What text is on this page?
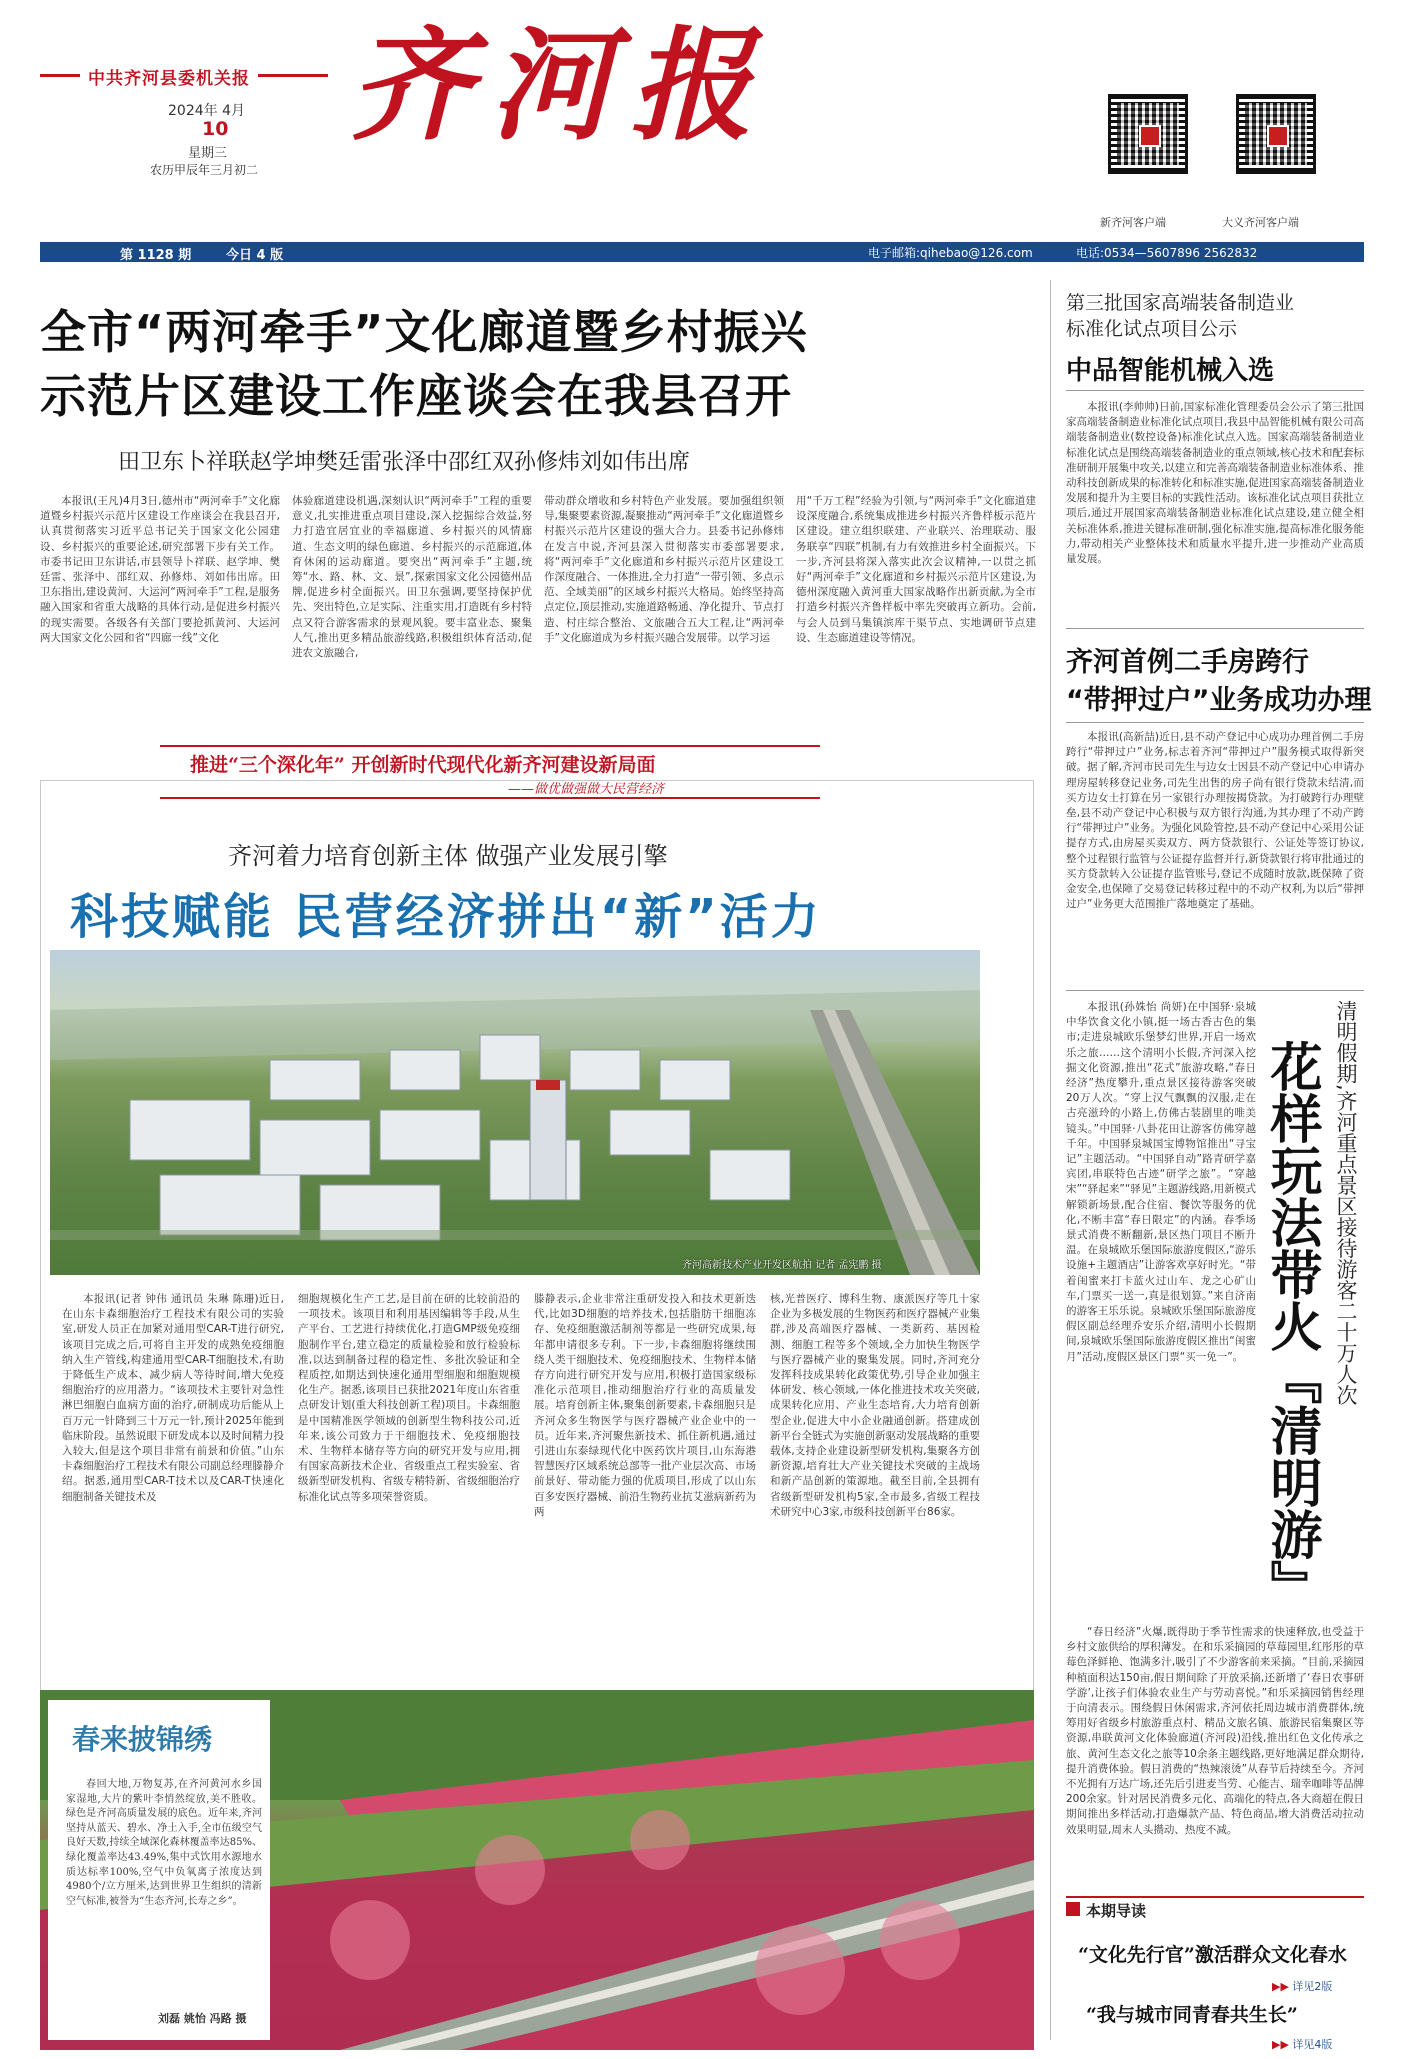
中共齐河县委机关报 齐河报
2024年 4月
10
星期三
农历甲辰年三月初二
新齐河客户端	大义齐河客户端
第 1128 期	今日 4 版	电子邮箱:qihebao@126.com	电话:0534—5607896 2562832
全市“两河牵手”文化廊道暨乡村振兴
示范片区建设工作座谈会在我县召开
田卫东卜祥联赵学坤樊廷雷张泽中邵红双孙修炜刘如伟出席
本报讯(王凡)4月3日,德州市“两河牵手”文化廊道暨乡村振兴示范片区建设工作座谈会在我县召开,认真贯彻落实习近平总书记关于国家文化公园建设、乡村振兴的重要论述,研究部署下步有关工作。市委书记田卫东讲话,市县领导卜祥联、赵学坤、樊廷雷、张泽中、邵红双、孙修炜、刘如伟出席。田卫东指出,建设黄河、大运河“两河牵手”工程,是服务融入国家和省重大战略的具体行动,是促进乡村振兴的现实需要。各级各有关部门要抢抓黄河、大运河两大国家文化公园和省“四廊一线”文化
体验廊道建设机遇,深刻认识“两河牵手”工程的重要意义,扎实推进重点项目建设,深入挖掘综合效益,努力打造宜居宜业的幸福廊道、乡村振兴的风情廊道、生态文明的绿色廊道、乡村振兴的示范廊道,体育休闲的运动廊道。要突出“两河牵手”主题,统筹“水、路、林、文、景”,探索国家文化公园德州品牌,促进乡村全面振兴。田卫东强调,要坚持保护优先、突出特色,立足实际、注重实用,打造既有乡村特点又符合游客需求的景观风貌。要丰富业态、聚集人气,推出更多精品旅游线路,积极组织体育活动,促进农文旅融合,
带动群众增收和乡村特色产业发展。要加强组织领导,集聚要素资源,凝聚推动“两河牵手”文化廊道暨乡村振兴示范片区建设的强大合力。县委书记孙修炜在发言中说,齐河县深入贯彻落实市委部署要求,将“两河牵手”文化廊道和乡村振兴示范片区建设工作深度融合、一体推进,全力打造“一带引领、多点示范、全域美丽”的区域乡村振兴大格局。始终坚持高点定位,顶层推动,实施道路畅通、净化提升、节点打造、村庄综合整治、文旅融合五大工程,让“两河牵手”文化廊道成为乡村振兴融合发展带。以学习运
用“千万工程”经验为引领,与“两河牵手”文化廊道建设深度融合,系统集成推进乡村振兴齐鲁样板示范片区建设。建立组织联建、产业联兴、治理联动、服务联享“四联”机制,有力有效推进乡村全面振兴。下一步,齐河县将深入落实此次会议精神,一以贯之抓好“两河牵手”文化廊道和乡村振兴示范片区建设,为德州深度融入黄河重大国家战略作出新贡献,为全市打造乡村振兴齐鲁样板中率先突破再立新功。会前,与会人员到马集镇滨库干渠节点、实地调研节点建设、生态廊道建设等情况。
第三批国家高端装备制造业
标准化试点项目公示
中品智能机械入选
本报讯(李帅帅)日前,国家标准化管理委员会公示了第三批国家高端装备制造业标准化试点项目,我县中品智能机械有限公司高端装备制造业(数控设备)标准化试点入选。国家高端装备制造业标准化试点是围绕高端装备制造业的重点领域,核心技术和配套标准研制开展集中攻关,以建立和完善高端装备制造业标准体系、推动科技创新成果的标准转化和标准实施,促进国家高端装备制造业发展和提升为主要目标的实践性活动。该标准化试点项目获批立项后,通过开展国家高端装备制造业标准化试点建设,建立健全相关标准体系,推进关键标准研制,强化标准实施,提高标准化服务能力,带动相关产业整体技术和质量水平提升,进一步推动产业高质量发展。
齐河首例二手房跨行
“带押过户”业务成功办理
本报讯(高新喆)近日,县不动产登记中心成功办理首例二手房跨行“带押过户”业务,标志着齐河“带押过户”服务模式取得新突破。据了解,齐河市民司先生与边女士因县不动产登记中心申请办理房屋转移登记业务,司先生出售的房子尚有银行贷款未结清,而买方边女士打算在另一家银行办理按揭贷款。为打破跨行办理壁垒,县不动产登记中心积极与双方银行沟通,为其办理了不动产跨行“带押过户”业务。为强化风险管控,县不动产登记中心采用公证提存方式,由房屋买卖双方、两方贷款银行、公证处等签订协议,整个过程银行监管与公证提存监督并行,新贷款银行将审批通过的买方贷款转入公证提存监管账号,登记不成随时放款,既保障了资金安全,也保障了交易登记转移过程中的不动产权利,为以后“带押过户”业务更大范围推广落地奠定了基础。
推进“三个深化年” 开创新时代现代化新齐河建设新局面
——做优做强做大民营经济
齐河着力培育创新主体 做强产业发展引擎
科技赋能 民营经济拼出“新”活力
齐河高新技术产业开发区航拍 记者 孟宪鹏 摄
本报讯(记者 钟伟 通讯员 朱琳 陈珊)近日,在山东卡森细胞治疗工程技术有限公司的实验室,研发人员正在加紧对通用型CAR-T进行研究,该项目完成之后,可将自主开发的成熟免疫细胞纳入生产管线,构建通用型CAR-T细胞技术,有助于降低生产成本、减少病人等待时间,增大免疫细胞治疗的应用潜力。“该项技术主要针对急性淋巴细胞白血病方面的治疗,研制成功后能从上百万元一针降到三十万元一针,预计2025年能到临床阶段。虽然说眼下研发成本以及时间精力投入较大,但是这个项目非常有前景和价值。”山东卡森细胞治疗工程技术有限公司副总经理滕静介绍。据悉,通用型CAR-T技术以及CAR-T快速化细胞制备关键技术及
细胞规模化生产工艺,是目前在研的比较前沿的一项技术。该项目和利用基因编辑等手段,从生产平台、工艺进行持续优化,打造GMP级免疫细胞制作平台,建立稳定的质量检验和放行检验标准,以达到制备过程的稳定性、多批次验证和全程质控,如期达到快速化通用型细胞和细胞规模化生产。据悉,该项目已获批2021年度山东省重点研发计划(重大科技创新工程)项目。卡森细胞是中国精准医学领域的创新型生物科技公司,近年来,该公司致力于干细胞技术、免疫细胞技术、生物样本储存等方向的研究开发与应用,拥有国家高新技术企业、省级重点工程实验室、省级新型研发机构、省级专精特新、省级细胞治疗标准化试点等多项荣誉资质。
滕静表示,企业非常注重研发投入和技术更新迭代,比如3D细胞的培养技术,包括脂肪干细胞冻存、免疫细胞激活制剂等都是一些研究成果,每年都申请很多专利。下一步,卡森细胞将继续围绕人类干细胞技术、免疫细胞技术、生物样本储存方向进行研究开发与应用,积极打造国家级标准化示范项目,推动细胞治疗行业的高质量发展。培育创新主体,聚集创新要素,卡森细胞只是齐河众多生物医学与医疗器械产业企业中的一员。近年来,齐河聚焦新技术、抓住新机遇,通过引进山东泰绿现代化中医药饮片项目,山东海港智慧医疗区域系统总部等一批产业层次高、市场前景好、带动能力强的优质项目,形成了以山东百多安医疗器械、前沿生物药业抗艾滋病新药为两
核,光普医疗、博科生物、康派医疗等几十家企业为多极发展的生物医药和医疗器械产业集群,涉及高端医疗器械、一类新药、基因检测、细胞工程等多个领域,全力加快生物医学与医疗器械产业的聚集发展。同时,齐河充分发挥科技成果转化政策优势,引导企业加强主体研发、核心领域,一体化推进技术攻关突破,成果转化应用、产业生态培育,大力培育创新型企业,促进大中小企业融通创新。搭建成创新平台全链式为实施创新驱动发展战略的重要载体,支持企业建设新型研发机构,集聚各方创新资源,培育壮大产业关键技术突破的主战场和新产品创新的策源地。截至目前,全县拥有省级新型研发机构5家,全市最多,省级工程技术研究中心3家,市级科技创新平台86家。
清明假期,齐河重点景区接待游客二十万人次
花样玩法带火『清明游』
本报讯(孙姝怡 尚妍)在中国驿·泉城中华饮食文化小镇,挺一场古香古色的集市;走进泉城欧乐堡梦幻世界,开启一场欢乐之旅……这个清明小长假,齐河深入挖掘文化资源,推出“花式”旅游攻略,“春日经济”热度攀升,重点景区接待游客突破20万人次。“穿上汉气飘飘的汉服,走在古亮滋玲的小路上,仿佛古装剧里的唯美镜头。”中国驿·八卦花田让游客仿佛穿越千年。中国驿泉城国宝博物馆推出“寻宝记”主题活动。“中国驿自动”路青研学嘉宾团,串联特色古迹“研学之旅”。“穿越宋”“驿起来”“驿见”主题游线路,用新模式解锁新场景,配合住宿、餐饮等服务的优化,不断丰富“春日限定”的内涵。春季场景式消费不断翻新,景区热门项目不断升温。在泉城欧乐堡国际旅游度假区,“游乐设施+主题酒店”让游客欢享好时光。“带着闺蜜来打卡蓝火过山车、龙之心矿山车,门票买一送一,真是很划算。”来自济南的游客王乐乐说。泉城欧乐堡国际旅游度假区副总经理乔安乐介绍,清明小长假期间,泉城欧乐堡国际旅游度假区推出“闺蜜月”活动,度假区景区门票“买一免一”。
“春日经济”火爆,既得助于季节性需求的快速释放,也受益于乡村文旅供给的厚积薄发。在和乐采摘园的草莓园里,红彤彤的草莓色泽鲜艳、饱满多汁,吸引了不少游客前来采摘。“目前,采摘园种植面积达150亩,假日期间除了开放采摘,还新增了‘春日农事研学游’,让孩子们体验农业生产与劳动喜悦。”和乐采摘园销售经理于向清表示。围绕假日休闲需求,齐河依托周边城市消费群体,统筹用好省级乡村旅游重点村、精品文旅名镇、旅游民宿集聚区等资源,串联黄河文化体验廊道(齐河段)沿线,推出红色文化传承之旅、黄河生态文化之旅等10余条主题线路,更好地满足群众期待,提升消费体验。假日消费的“热辣滚烫”从春节后持续至今。齐河不光拥有万达广场,还先后引进麦当劳、心能吉、瑞幸咖啡等品牌200余家。针对居民消费多元化、高端化的特点,各大商超在假日期间推出多样活动,打造爆款产品、特色商品,增大消费活动拉动效果明显,周末人头攒动、热度不减。
春来披锦绣
春回大地,万物复苏,在齐河黄河水乡国家湿地,大片的紫叶李悄然绽放,美不胜收。绿色是齐河高质量发展的底色。近年来,齐河坚持从蓝天、碧水、净土入手,全市伍级空气良好天数,持续全域深化森林覆盖率达85%、绿化覆盖率达43.49%,集中式饮用水源地水质达标率100%,空气中负氧离子浓度达到4980个/立方厘米,达到世界卫生组织的清新空气标准,被誉为“生态齐河,长寿之乡”。
刘磊 姚怡 冯路 摄
本期导读
“文化先行官”激活群众文化春水
▶▶ 详见2版
“我与城市同青春共生长”
▶▶ 详见4版
